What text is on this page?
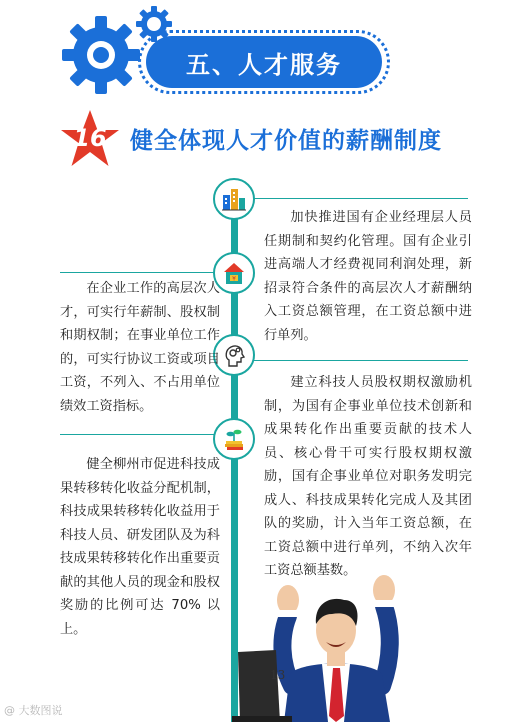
五、人才服务
16 健全体现人才价值的薪酬制度
¥
加快推进国有企业经理层人员任期制和契约化管理。国有企业引进高端人才经费视同利润处理，新招录符合条件的高层次人才薪酬纳入工资总额管理，在工资总额中进行单列。
在企业工作的高层次人才，可实行年薪制、股权制和期权制；在事业单位工作的，可实行协议工资或项目工资，不列入、不占用单位绩效工资指标。
建立科技人员股权期权激励机制，为国有企事业单位技术创新和成果转化作出重要贡献的技术人员、核心骨干可实行股权期权激励，国有企事业单位对职务发明完成人、科技成果转化完成人及其团队的奖励，计入当年工资总额，在工资总额中进行单列，不纳入次年工资总额基数。
健全柳州市促进科技成果转移转化收益分配机制，科技成果转移转化收益用于科技人员、研发团队及为科技成果转移转化作出重要贡献的其他人员的现金和股权奖励的比例可达 70% 以上。
13
@ 大数图说
